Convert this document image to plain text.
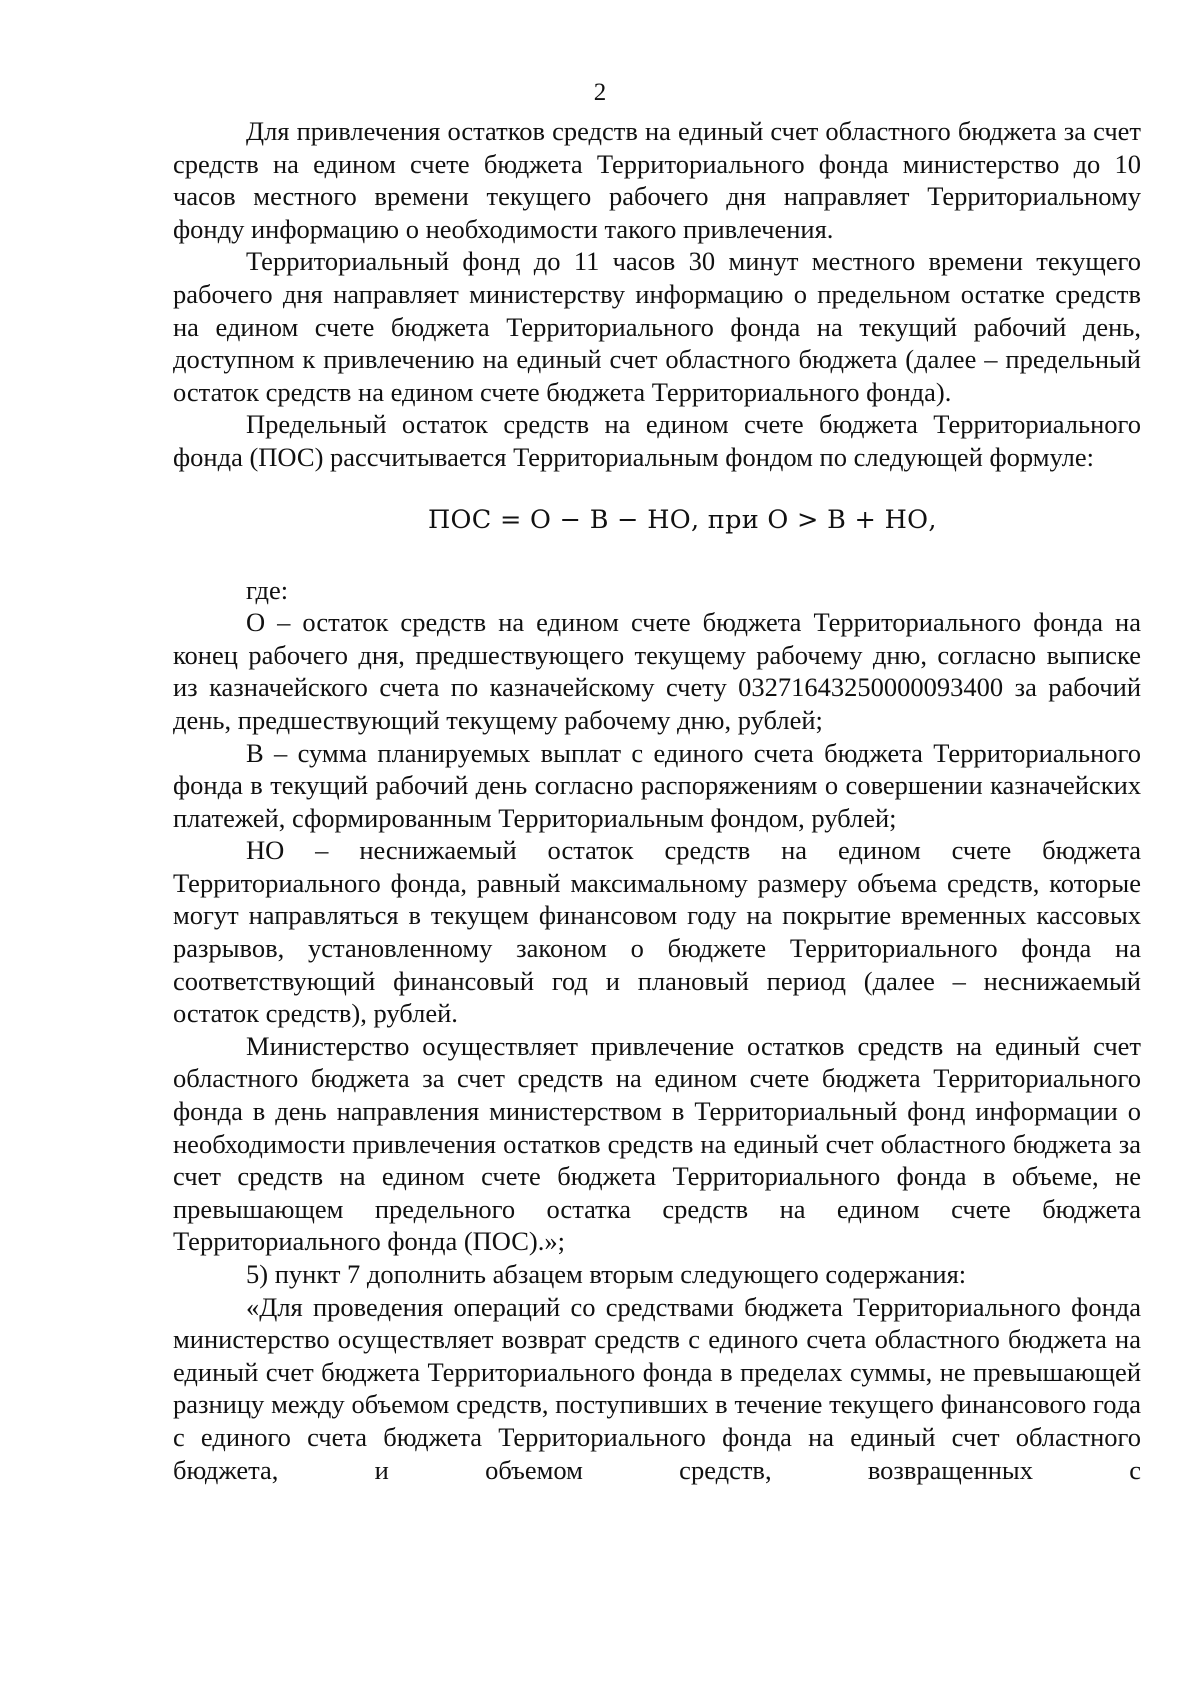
2

Для привлечения остатков средств на единый счет областного бюджета за счет средств на едином счете бюджета Территориального фонда министерство до 10 часов местного времени текущего рабочего дня направляет Территориальному фонду информацию о необходимости такого привлечения.

Территориальный фонд до 11 часов 30 минут местного времени текущего рабочего дня направляет министерству информацию о предельном остатке средств на едином счете бюджета Территориального фонда на текущий рабочий день, доступном к привлечению на единый счет областного бюджета (далее – предельный остаток средств на едином счете бюджета Территориального фонда).

Предельный остаток средств на едином счете бюджета Территориального фонда (ПОС) рассчитывается Территориальным фондом по следующей формуле:

ПОС = О − В − НО, при О > В + НО,

где:

О – остаток средств на едином счете бюджета Территориального фонда на конец рабочего дня, предшествующего текущему рабочему дню, согласно выписке из казначейского счета по казначейскому счету 03271643250000093400 за рабочий день, предшествующий текущему рабочему дню, рублей;

В – сумма планируемых выплат с единого счета бюджета Территориального фонда в текущий рабочий день согласно распоряжениям о совершении казначейских платежей, сформированным Территориальным фондом, рублей;

НО – неснижаемый остаток средств на едином счете бюджета Территориального фонда, равный максимальному размеру объема средств, которые могут направляться в текущем финансовом году на покрытие временных кассовых разрывов, установленному законом о бюджете Территориального фонда на соответствующий финансовый год и плановый период (далее – неснижаемый остаток средств), рублей.

Министерство осуществляет привлечение остатков средств на единый счет областного бюджета за счет средств на едином счете бюджета Территориального фонда в день направления министерством в Территориальный фонд информации о необходимости привлечения остатков средств на единый счет областного бюджета за счет средств на едином счете бюджета Территориального фонда в объеме, не превышающем предельного остатка средств на едином счете бюджета Территориального фонда (ПОС).»;

5) пункт 7 дополнить абзацем вторым следующего содержания:

«Для проведения операций со средствами бюджета Территориального фонда министерство осуществляет возврат средств с единого счета областного бюджета на единый счет бюджета Территориального фонда в пределах суммы, не превышающей разницу между объемом средств, поступивших в течение текущего финансового года с единого счета бюджета Территориального фонда на единый счет областного бюджета, и объемом средств, возвращенных с
